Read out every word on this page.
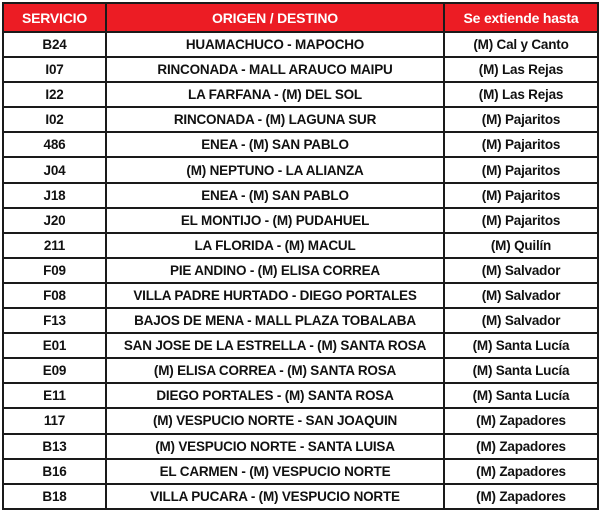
SERVICIO	ORIGEN / DESTINO	Se extiende hasta
B24	HUAMACHUCO - MAPOCHO	(M) Cal y Canto
I07	RINCONADA - MALL ARAUCO MAIPU	(M) Las Rejas
I22	LA FARFANA - (M) DEL SOL	(M) Las Rejas
I02	RINCONADA - (M) LAGUNA SUR	(M) Pajaritos
486	ENEA - (M) SAN PABLO	(M) Pajaritos
J04	(M) NEPTUNO - LA ALIANZA	(M) Pajaritos
J18	ENEA - (M) SAN PABLO	(M) Pajaritos
J20	EL MONTIJO - (M) PUDAHUEL	(M) Pajaritos
211	LA FLORIDA - (M) MACUL	(M) Quilín
F09	PIE ANDINO - (M) ELISA CORREA	(M) Salvador
F08	VILLA PADRE HURTADO - DIEGO PORTALES	(M) Salvador
F13	BAJOS DE MENA - MALL PLAZA TOBALABA	(M) Salvador
E01	SAN JOSE DE LA ESTRELLA - (M) SANTA ROSA	(M) Santa Lucía
E09	(M) ELISA CORREA - (M) SANTA ROSA	(M) Santa Lucía
E11	DIEGO PORTALES - (M) SANTA ROSA	(M) Santa Lucía
117	(M) VESPUCIO NORTE - SAN JOAQUIN	(M) Zapadores
B13	(M) VESPUCIO NORTE - SANTA LUISA	(M) Zapadores
B16	EL CARMEN - (M) VESPUCIO NORTE	(M) Zapadores
B18	VILLA PUCARA - (M) VESPUCIO NORTE	(M) Zapadores
